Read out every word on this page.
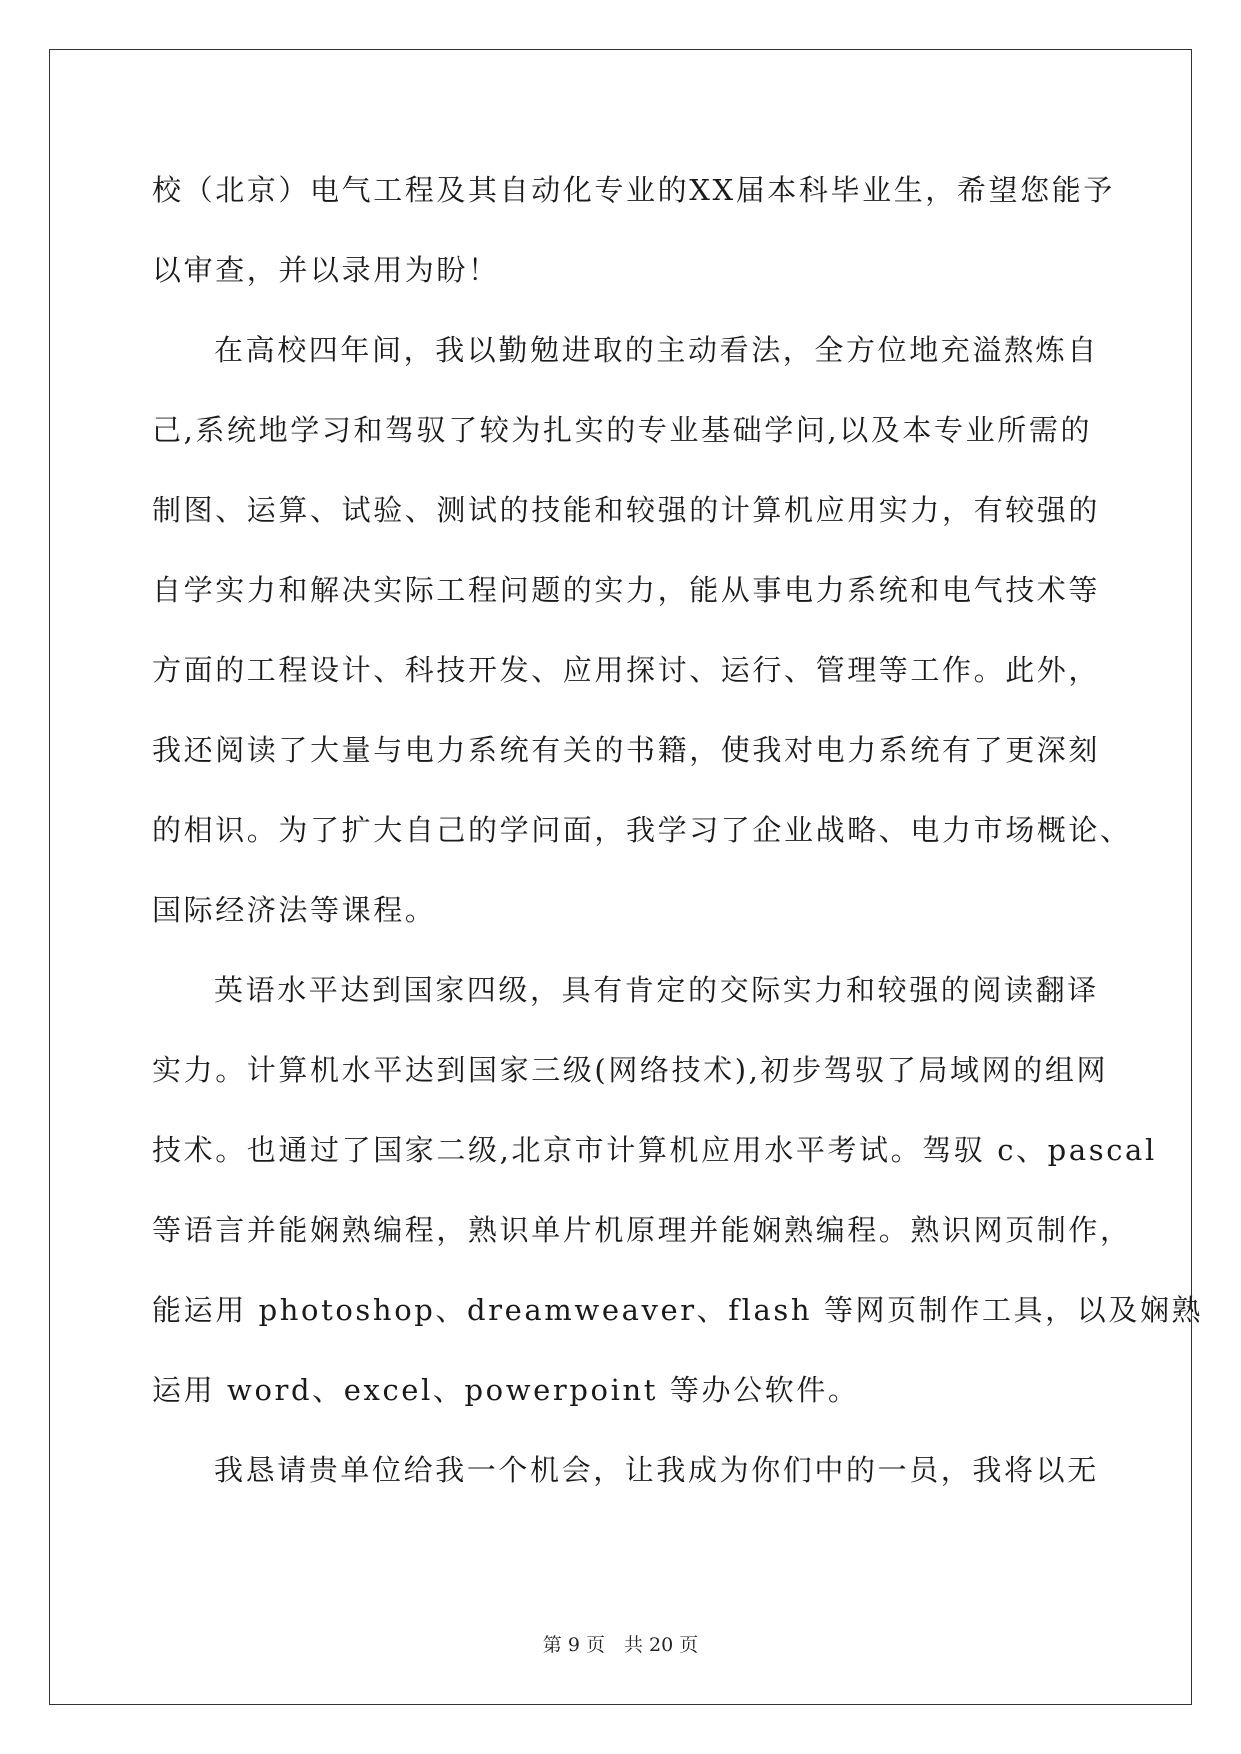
校（北京）电气工程及其自动化专业的XX届本科毕业生，希望您能予
以审查，并以录用为盼！
在高校四年间，我以勤勉进取的主动看法，全方位地充溢熬炼自
己,系统地学习和驾驭了较为扎实的专业基础学问,以及本专业所需的
制图、运算、试验、测试的技能和较强的计算机应用实力，有较强的
自学实力和解决实际工程问题的实力，能从事电力系统和电气技术等
方面的工程设计、科技开发、应用探讨、运行、管理等工作。此外，
我还阅读了大量与电力系统有关的书籍，使我对电力系统有了更深刻
的相识。为了扩大自己的学问面，我学习了企业战略、电力市场概论、
国际经济法等课程。
英语水平达到国家四级，具有肯定的交际实力和较强的阅读翻译
实力。计算机水平达到国家三级(网络技术),初步驾驭了局域网的组网
技术。也通过了国家二级,北京市计算机应用水平考试。驾驭 c、pascal
等语言并能娴熟编程，熟识单片机原理并能娴熟编程。熟识网页制作，
能运用 photoshop、dreamweaver、flash 等网页制作工具，以及娴熟
运用 word、excel、powerpoint 等办公软件。
我恳请贵单位给我一个机会，让我成为你们中的一员，我将以无
第 9 页　共 20 页
